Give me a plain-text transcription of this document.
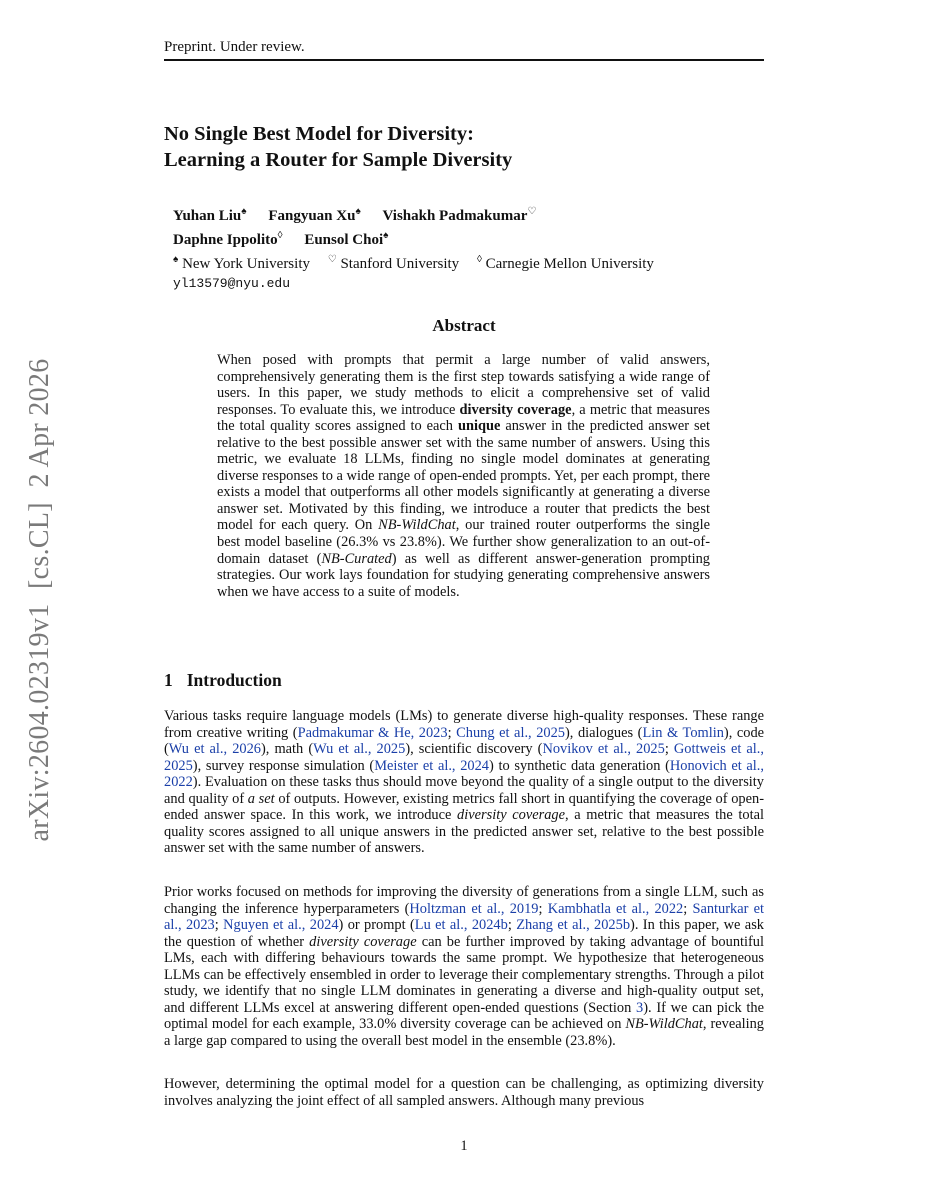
Preprint. Under review.
arXiv:2604.02319v1  [cs.CL]  2 Apr 2026
No Single Best Model for Diversity:
Learning a Router for Sample Diversity
Yuhan Liu♠ Fangyuan Xu♠ Vishakh Padmakumar♡
Daphne Ippolito◊ Eunsol Choi♠
♠ New York University ♡ Stanford University ◊ Carnegie Mellon University
yl13579@nyu.edu
Abstract

When posed with prompts that permit a large number of valid answers, comprehensively generating them is the first step towards satisfying a wide range of users. In this paper, we study methods to elicit a comprehensive set of valid responses. To evaluate this, we introduce diversity coverage, a metric that measures the total quality scores assigned to each unique answer in the predicted answer set relative to the best possible answer set with the same number of answers. Using this metric, we evaluate 18 LLMs, finding no single model dominates at generating diverse responses to a wide range of open-ended prompts. Yet, per each prompt, there exists a model that outperforms all other models significantly at generating a diverse answer set. Motivated by this finding, we introduce a router that predicts the best model for each query. On NB-WildChat, our trained router outperforms the single best model baseline (26.3% vs 23.8%). We further show generalization to an out-of-domain dataset (NB-Curated) as well as different answer-generation prompting strategies. Our work lays foundation for studying generating comprehensive answers when we have access to a suite of models.

1 Introduction

Various tasks require language models (LMs) to generate diverse high-quality responses. These range from creative writing (Padmakumar & He, 2023; Chung et al., 2025), dialogues (Lin & Tomlin), code (Wu et al., 2026), math (Wu et al., 2025), scientific discovery (Novikov et al., 2025; Gottweis et al., 2025), survey response simulation (Meister et al., 2024) to synthetic data generation (Honovich et al., 2022). Evaluation on these tasks thus should move beyond the quality of a single output to the diversity and quality of a set of outputs. However, existing metrics fall short in quantifying the coverage of open-ended answer space. In this work, we introduce diversity coverage, a metric that measures the total quality scores assigned to all unique answers in the predicted answer set, relative to the best possible answer set with the same number of answers.

Prior works focused on methods for improving the diversity of generations from a single LLM, such as changing the inference hyperparameters (Holtzman et al., 2019; Kambhatla et al., 2022; Santurkar et al., 2023; Nguyen et al., 2024) or prompt (Lu et al., 2024b; Zhang et al., 2025b). In this paper, we ask the question of whether diversity coverage can be further improved by taking advantage of bountiful LMs, each with differing behaviours towards the same prompt. We hypothesize that heterogeneous LLMs can be effectively ensembled in order to leverage their complementary strengths. Through a pilot study, we identify that no single LLM dominates in generating a diverse and high-quality output set, and different LLMs excel at answering different open-ended questions (Section 3). If we can pick the optimal model for each example, 33.0% diversity coverage can be achieved on NB-WildChat, revealing a large gap compared to using the overall best model in the ensemble (23.8%).

However, determining the optimal model for a question can be challenging, as optimizing diversity involves analyzing the joint effect of all sampled answers. Although many previous

1
